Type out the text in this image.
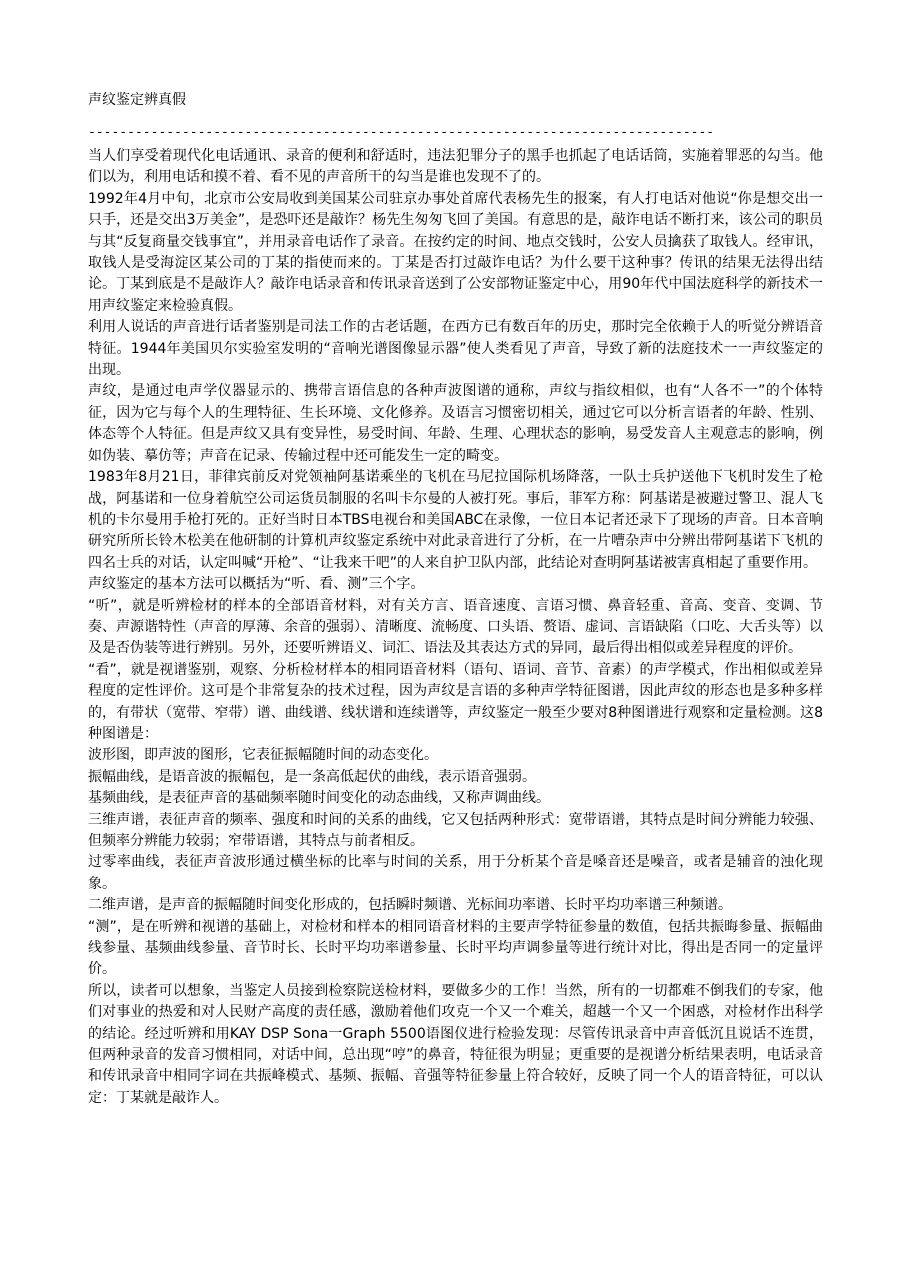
声纹鉴定辨真假
--------------------------------------------------------------------------------

当人们享受着现代化电话通讯、录音的便利和舒适时，违法犯罪分子的黑手也抓起了电话话筒，实施着罪恶的勾当。他们以为，利用电话和摸不着、看不见的声音所干的勾当是谁也发现不了的。

1992年4月中旬，北京市公安局收到美国某公司驻京办事处首席代表杨先生的报案，有人打电话对他说“你是想交出一只手，还是交出3万美金”，是恐吓还是敲诈？杨先生匆匆飞回了美国。有意思的是，敲诈电话不断打来，该公司的职员与其“反复商量交钱事宜”，并用录音电话作了录音。在按约定的时间、地点交钱时，公安人员擒获了取钱人。经审讯，取钱人是受海淀区某公司的丁某的指使而来的。丁某是否打过敲诈电话？为什么要干这种事？传讯的结果无法得出结论。丁某到底是不是敲诈人？敲诈电话录音和传讯录音送到了公安部物证鉴定中心，用90年代中国法庭科学的新技术一用声纹鉴定来检验真假。

利用人说话的声音进行话者鉴别是司法工作的古老话题，在西方已有数百年的历史，那时完全依赖于人的听觉分辨语音特征。1944年美国贝尔实验室发明的“音响光谱图像显示器”使人类看见了声音，导致了新的法庭技术一一声纹鉴定的出现。

声纹，是通过电声学仪器显示的、携带言语信息的各种声波图谱的通称，声纹与指纹相似，也有“人各不一”的个体特征，因为它与每个人的生理特征、生长环境、文化修养。及语言习惯密切相关，通过它可以分析言语者的年龄、性别、体态等个人特征。但是声纹又具有变异性，易受时间、年龄、生理、心理状态的影响，易受发音人主观意志的影响，例如伪装、摹仿等；声音在记录、传输过程中还可能发生一定的畸变。

1983年8月21日，菲律宾前反对党领袖阿基诺乘坐的飞机在马尼拉国际机场降落，一队士兵护送他下飞机时发生了枪战，阿基诺和一位身着航空公司运货员制服的名叫卡尔曼的人被打死。事后，菲军方称：阿基诺是被避过警卫、混人飞机的卡尔曼用手枪打死的。正好当时日本TBS电视台和美国ABC在录像，一位日本记者还录下了现场的声音。日本音响研究所所长铃木松美在他研制的计算机声纹鉴定系统中对此录音进行了分析，在一片嘈杂声中分辨出带阿基诺下飞机的四名士兵的对话，认定叫喊“开枪”、“让我来干吧”的人来自护卫队内部，此结论对查明阿基诺被害真相起了重要作用。

声纹鉴定的基本方法可以概括为“听、看、测”三个字。

“听”，就是听辨检材的样本的全部语音材料，对有关方言、语音速度、言语习惯、鼻音轻重、音高、变音、变调、节奏、声源谐特性（声音的厚薄、余音的强弱）、清晰度、流畅度、口头语、赘语、虚词、言语缺陷（口吃、大舌头等）以及是否伪装等进行辨别。另外，还要听辨语义、词汇、语法及其表达方式的异同，最后得出相似或差异程度的评价。

“看”，就是视谱鉴别，观察、分析检材样本的相同语音材料（语句、语词、音节、音素）的声学模式，作出相似或差异程度的定性评价。这可是个非常复杂的技术过程，因为声纹是言语的多种声学特征图谱，因此声纹的形态也是多种多样的，有带状（宽带、窄带）谱、曲线谱、线状谱和连续谱等，声纹鉴定一般至少要对8种图谱进行观察和定量检测。这8种图谱是：

波形图，即声波的图形，它表征振幅随时间的动态变化。

振幅曲线，是语音波的振幅包，是一条高低起伏的曲线，表示语音强弱。

基频曲线，是表征声音的基础频率随时间变化的动态曲线，又称声调曲线。

三维声谱，表征声音的频率、强度和时间的关系的曲线，它又包括两种形式：宽带语谱，其特点是时间分辨能力较强、但频率分辨能力较弱；窄带语谱，其特点与前者相反。

过零率曲线，表征声音波形通过横坐标的比率与时间的关系，用于分析某个音是嗓音还是噪音，或者是辅音的浊化现象。

二维声谱，是声音的振幅随时间变化形成的，包括瞬时频谱、光标间功率谱、长时平均功率谱三种频谱。

“测”，是在听辨和视谱的基础上，对检材和样本的相同语音材料的主要声学特征参量的数值，包括共振晦参量、振幅曲线参量、基频曲线参量、音节时长、长时平均功率谱参量、长时平均声调参量等进行统计对比，得出是否同一的定量评价。

所以，读者可以想象，当鉴定人员接到检察院送检材料，要做多少的工作！当然，所有的一切都难不倒我们的专家，他们对事业的热爱和对人民财产高度的责任感，激励着他们攻克一个又一个难关，超越一个又一个困惑，对检材作出科学的结论。经过听辨和用KAY DSP Sona一Graph 5500语图仪进行检验发现：尽管传讯录音中声音低沉且说话不连贯，但两种录音的发音习惯相同，对话中间，总出现“哼”的鼻音，特征很为明显；更重要的是视谱分析结果表明，电话录音和传讯录音中相同字词在共振峰模式、基频、振幅、音强等特征参量上符合较好，反映了同一个人的语音特征，可以认定：丁某就是敲诈人。
